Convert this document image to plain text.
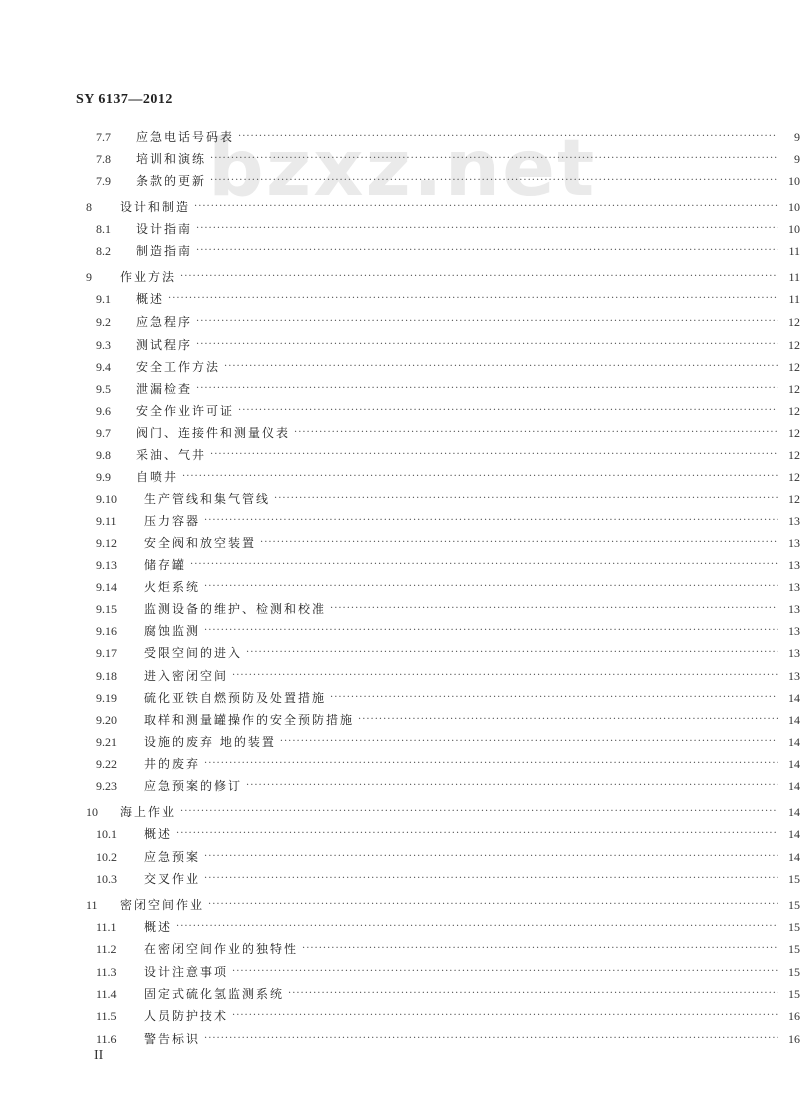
SY 6137—2012
bzxz.net
7.7	应急电话号码表 ·····	9
7.8	培训和演练 ·····	9
7.9	条款的更新 ·····	10
8	设计和制造 ·····	10
8.1	设计指南 ·····	10
8.2	制造指南 ·····	11
9	作业方法 ·····	11
9.1	概述 ·····	11
9.2	应急程序 ·····	12
9.3	测试程序 ·····	12
9.4	安全工作方法 ·····	12
9.5	泄漏检查 ·····	12
9.6	安全作业许可证 ·····	12
9.7	阀门、连接件和测量仪表 ·····	12
9.8	采油、气井 ·····	12
9.9	自喷井 ·····	12
9.10	生产管线和集气管线 ·····	12
9.11	压力容器 ·····	13
9.12	安全阀和放空装置 ·····	13
9.13	储存罐 ·····	13
9.14	火炬系统 ·····	13
9.15	监测设备的维护、检测和校准 ·····	13
9.16	腐蚀监测 ·····	13
9.17	受限空间的进入 ·····	13
9.18	进入密闭空间 ·····	13
9.19	硫化亚铁自燃预防及处置措施 ·····	14
9.20	取样和测量罐操作的安全预防措施 ·····	14
9.21	设施的废弃 地的装置 ·····	14
9.22	井的废弃 ·····	14
9.23	应急预案的修订 ·····	14
10	海上作业 ·····	14
10.1	概述 ·····	14
10.2	应急预案 ·····	14
10.3	交叉作业 ·····	15
11	密闭空间作业 ·····	15
11.1	概述 ·····	15
11.2	在密闭空间作业的独特性 ·····	15
11.3	设计注意事项 ·····	15
11.4	固定式硫化氢监测系统 ·····	15
11.5	人员防护技术 ·····	16
11.6	警告标识 ·····	16
II
